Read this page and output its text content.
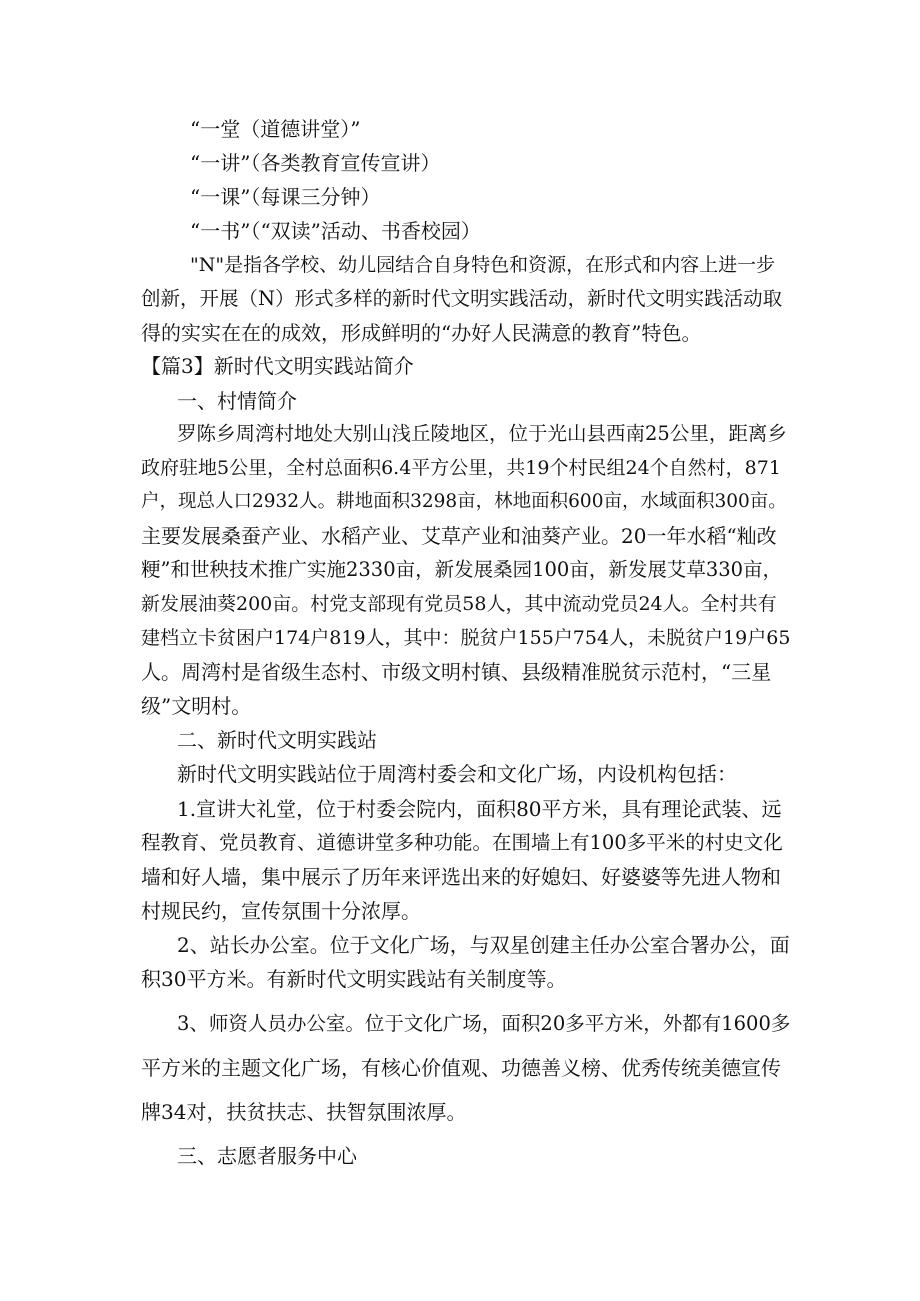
“一堂（道德讲堂）”
“一讲”（各类教育宣传宣讲）
“一课”（每课三分钟）
“一书”（“双读”活动、书香校园）
"N"是指各学校、幼儿园结合自身特色和资源，在形式和内容上进一步
创新，开展（N）形式多样的新时代文明实践活动，新时代文明实践活动取
得的实实在在的成效，形成鲜明的“办好人民满意的教育”特色。
【篇3】新时代文明实践站简介
一、村情简介
罗陈乡周湾村地处大别山浅丘陵地区，位于光山县西南25公里，距离乡
政府驻地5公里，全村总面积6.4平方公里，共19个村民组24个自然村，871
户，现总人口2932人。耕地面积3298亩，林地面积600亩，水域面积300亩。
主要发展桑蚕产业、水稻产业、艾草产业和油葵产业。20一年水稻“籼改
粳”和世秧技术推广实施2330亩，新发展桑园100亩，新发展艾草330亩，
新发展油葵200亩。村党支部现有党员58人，其中流动党员24人。全村共有
建档立卡贫困户174户819人，其中：脱贫户155户754人，未脱贫户19户65
人。周湾村是省级生态村、市级文明村镇、县级精准脱贫示范村，“三星
级”文明村。
二、新时代文明实践站
新时代文明实践站位于周湾村委会和文化广场，内设机构包括：
1.宣讲大礼堂，位于村委会院内，面积80平方米，具有理论武装、远
程教育、党员教育、道德讲堂多种功能。在围墙上有100多平米的村史文化
墙和好人墙，集中展示了历年来评选出来的好媳妇、好婆婆等先进人物和
村规民约，宣传氛围十分浓厚。
2、站长办公室。位于文化广场，与双星创建主任办公室合署办公，面
积30平方米。有新时代文明实践站有关制度等。
3、师资人员办公室。位于文化广场，面积20多平方米，外都有1600多
平方米的主题文化广场，有核心价值观、功德善义榜、优秀传统美德宣传
牌34对，扶贫扶志、扶智氛围浓厚。
三、志愿者服务中心
